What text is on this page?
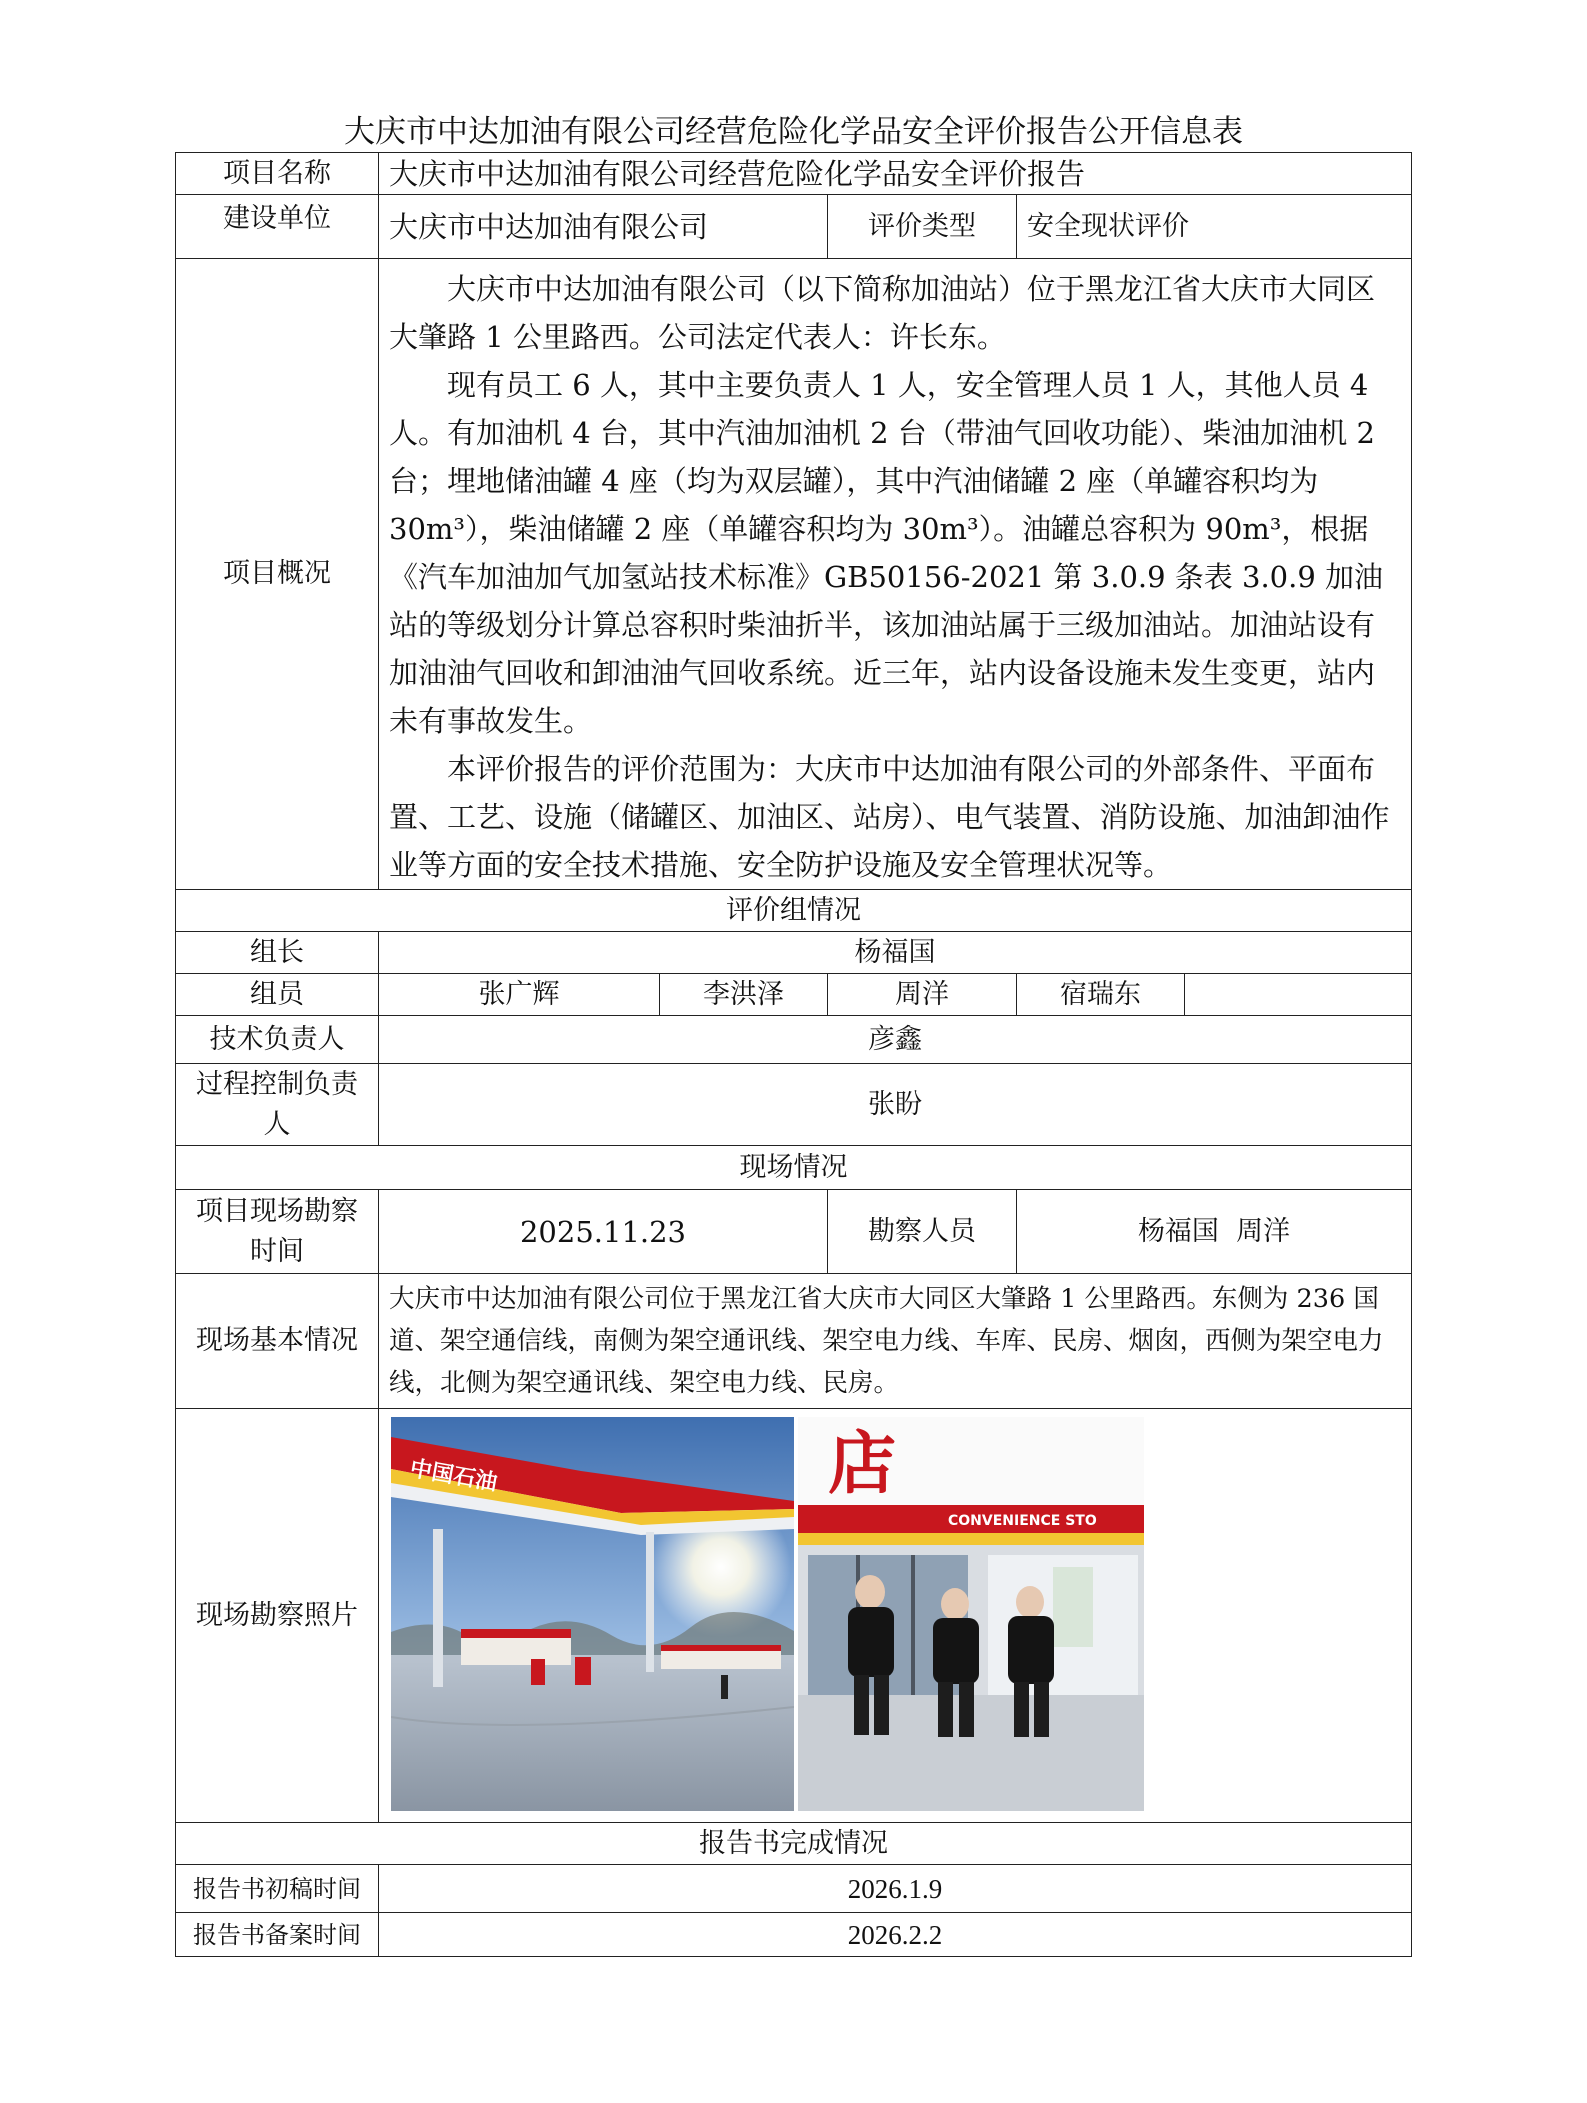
大庆市中达加油有限公司经营危险化学品安全评价报告公开信息表
项目名称	大庆市中达加油有限公司经营危险化学品安全评价报告				
建设单位	大庆市中达加油有限公司		评价类型	安全现状评价	
项目概况	大庆市中达加油有限公司（以下简称加油站）位于黑龙江省大庆市大同区大肇路 1 公里路西。公司法定代表人：许长东。

现有员工 6 人，其中主要负责人 1 人，安全管理人员 1 人，其他人员 4 人。有加油机 4 台，其中汽油加油机 2 台（带油气回收功能）、柴油加油机 2 台；埋地储油罐 4 座（均为双层罐），其中汽油储罐 2 座（单罐容积均为 30m³），柴油储罐 2 座（单罐容积均为 30m³）。油罐总容积为 90m³，根据《汽车加油加气加氢站技术标准》GB50156-2021 第 3.0.9 条表 3.0.9 加油站的等级划分计算总容积时柴油折半，该加油站属于三级加油站。加油站设有加油油气回收和卸油油气回收系统。近三年，站内设备设施未发生变更，站内未有事故发生。

本评价报告的评价范围为：大庆市中达加油有限公司的外部条件、平面布置、工艺、设施（储罐区、加油区、站房）、电气装置、消防设施、加油卸油作业等方面的安全技术措施、安全防护设施及安全管理状况等。				

评价组情况					
组长	杨福国				
组员	张广辉	李洪泽	周洋	宿瑞东	
技术负责人	彦鑫				
过程控制负责人	张盼				
现场情况					
项目现场勘察时间	2025.11.23		勘察人员	杨福国  周洋	
现场基本情况	大庆市中达加油有限公司位于黑龙江省大庆市大同区大肇路 1 公里路西。东侧为 236 国道、架空通信线，南侧为架空通讯线、架空电力线、车库、民房、烟囱，西侧为架空电力线，北侧为架空通讯线、架空电力线、民房。				
现场勘察照片	中国石油 店
CONVENIENCE STO				

报告书完成情况					
报告书初稿时间	2026.1.9				
报告书备案时间	2026.2.2				
